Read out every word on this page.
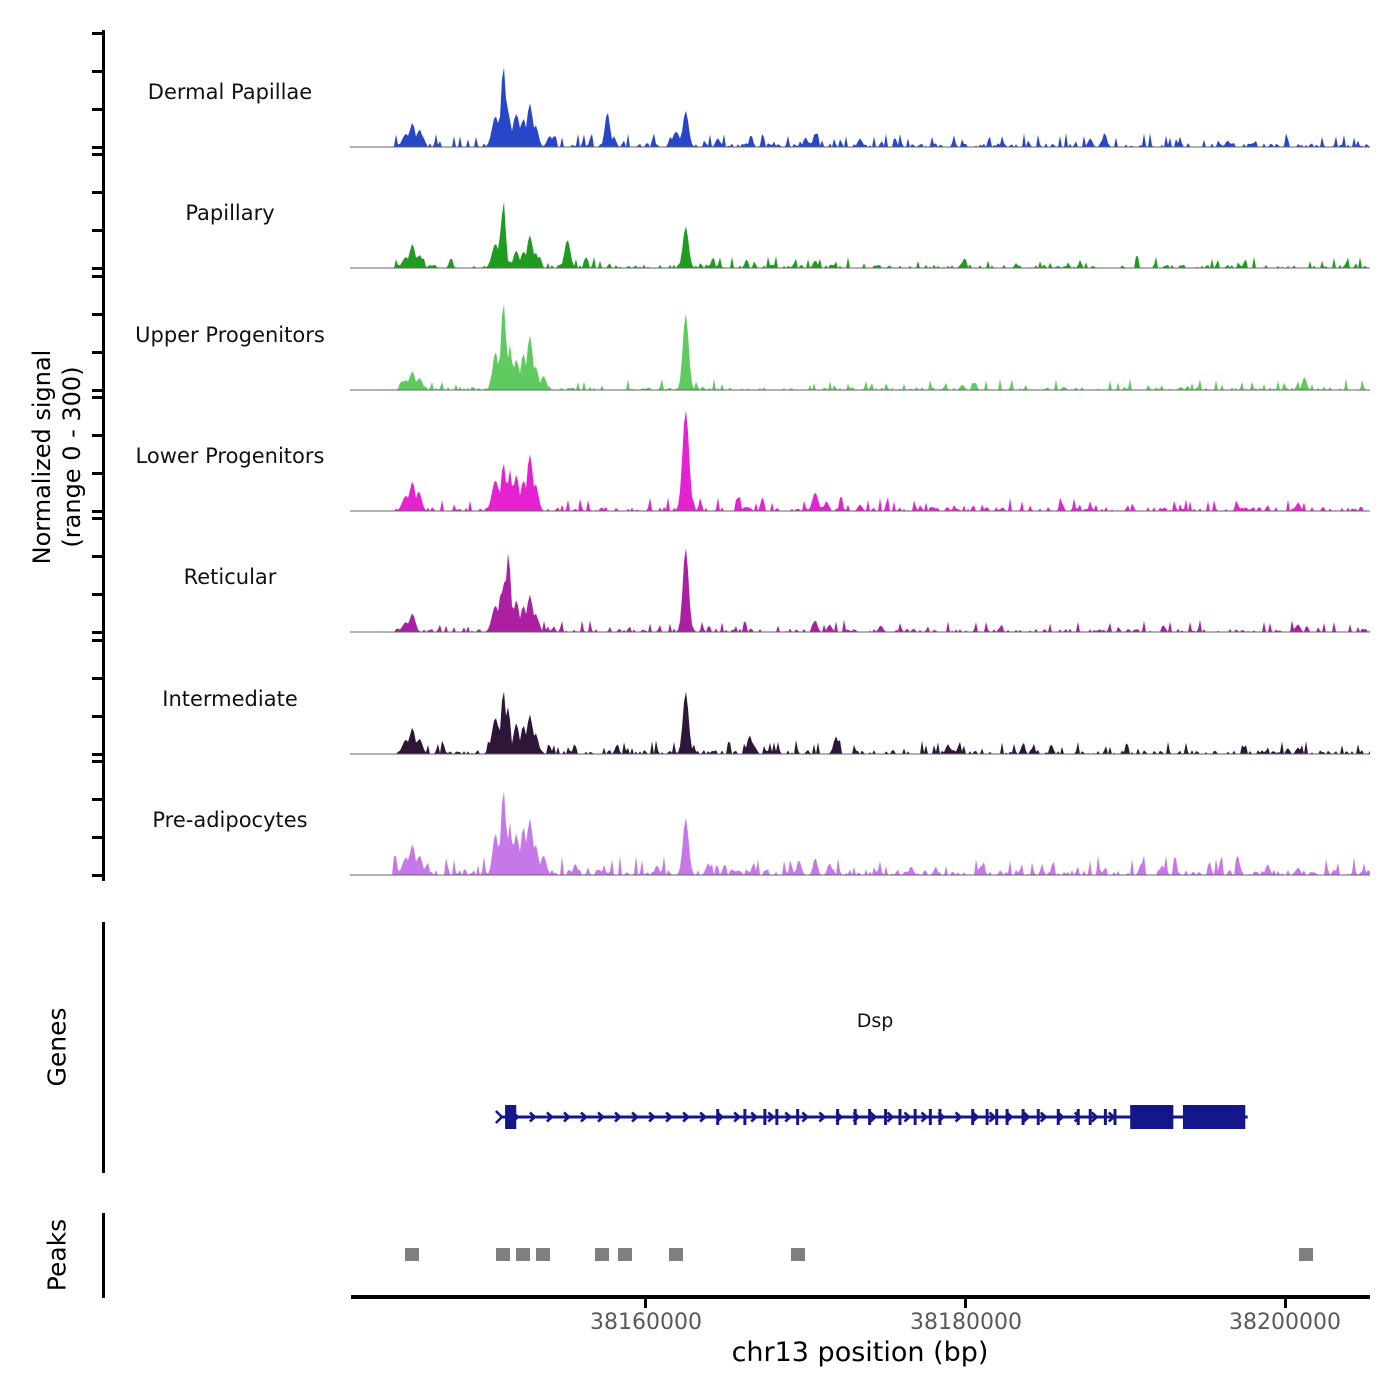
Normalized signal
(range 0 - 300)
Dermal Papillae
Papillary
Upper Progenitors
Lower Progenitors
Reticular
Intermediate
Pre-adipocytes
Genes	Dsp
Peaks
38160000	38180000	38200000
chr13 position (bp)
